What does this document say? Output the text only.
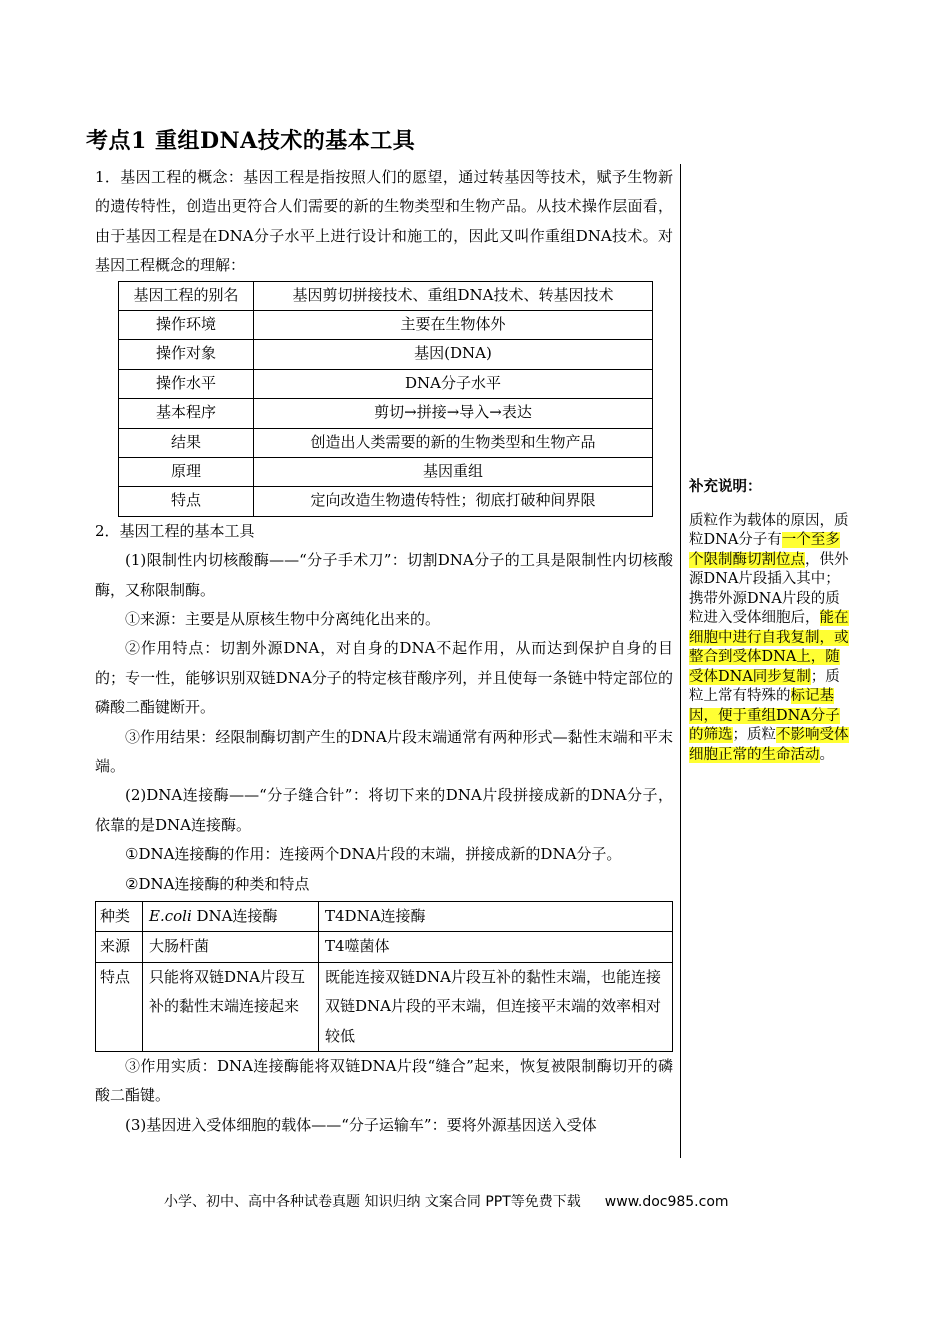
考点1 重组DNA技术的基本工具

1．基因工程的概念：基因工程是指按照人们的愿望，通过转基因等技术，赋予生物新的遗传特性，创造出更符合人们需要的新的生物类型和生物产品。从技术操作层面看，由于基因工程是在DNA分子水平上进行设计和施工的，因此又叫作重组DNA技术。对基因工程概念的理解：

基因工程的别名	基因剪切拼接技术、重组DNA技术、转基因技术
操作环境	主要在生物体外
操作对象	基因(DNA)
操作水平	DNA分子水平
基本程序	剪切→拼接→导入→表达
结果	创造出人类需要的新的生物类型和生物产品
原理	基因重组
特点	定向改造生物遗传特性；彻底打破种间界限

2．基因工程的基本工具

(1)限制性内切核酸酶——“分子手术刀”：切割DNA分子的工具是限制性内切核酸酶，又称限制酶。

①来源：主要是从原核生物中分离纯化出来的。

②作用特点：切割外源DNA，对自身的DNA不起作用，从而达到保护自身的目的；专一性，能够识别双链DNA分子的特定核苷酸序列，并且使每一条链中特定部位的磷酸二酯键断开。

③作用结果：经限制酶切割产生的DNA片段末端通常有两种形式—黏性末端和平末端。

(2)DNA连接酶——“分子缝合针”：将切下来的DNA片段拼接成新的DNA分子，依靠的是DNA连接酶。

①DNA连接酶的作用：连接两个DNA片段的末端，拼接成新的DNA分子。

②DNA连接酶的种类和特点

种类	E.coli DNA连接酶	T4DNA连接酶
来源	大肠杆菌	T4噬菌体
特点	只能将双链DNA片段互补的黏性末端连接起来	既能连接双链DNA片段互补的黏性末端，也能连接双链DNA片段的平末端，但连接平末端的效率相对较低

③作用实质：DNA连接酶能将双链DNA片段“缝合”起来，恢复被限制酶切开的磷酸二酯键。

(3)基因进入受体细胞的载体——“分子运输车”：要将外源基因送入受体

补充说明：

质粒作为载体的原因，质粒DNA分子有一个至多个限制酶切割位点，供外源DNA片段插入其中；携带外源DNA片段的质粒进入受体细胞后，能在细胞中进行自我复制，或整合到受体DNA上，随受体DNA同步复制；质粒上常有特殊的标记基因，便于重组DNA分子的筛选；质粒不影响受体细胞正常的生命活动。

小学、初中、高中各种试卷真题 知识归纳 文案合同 PPT等免费下载 www.doc985.com
